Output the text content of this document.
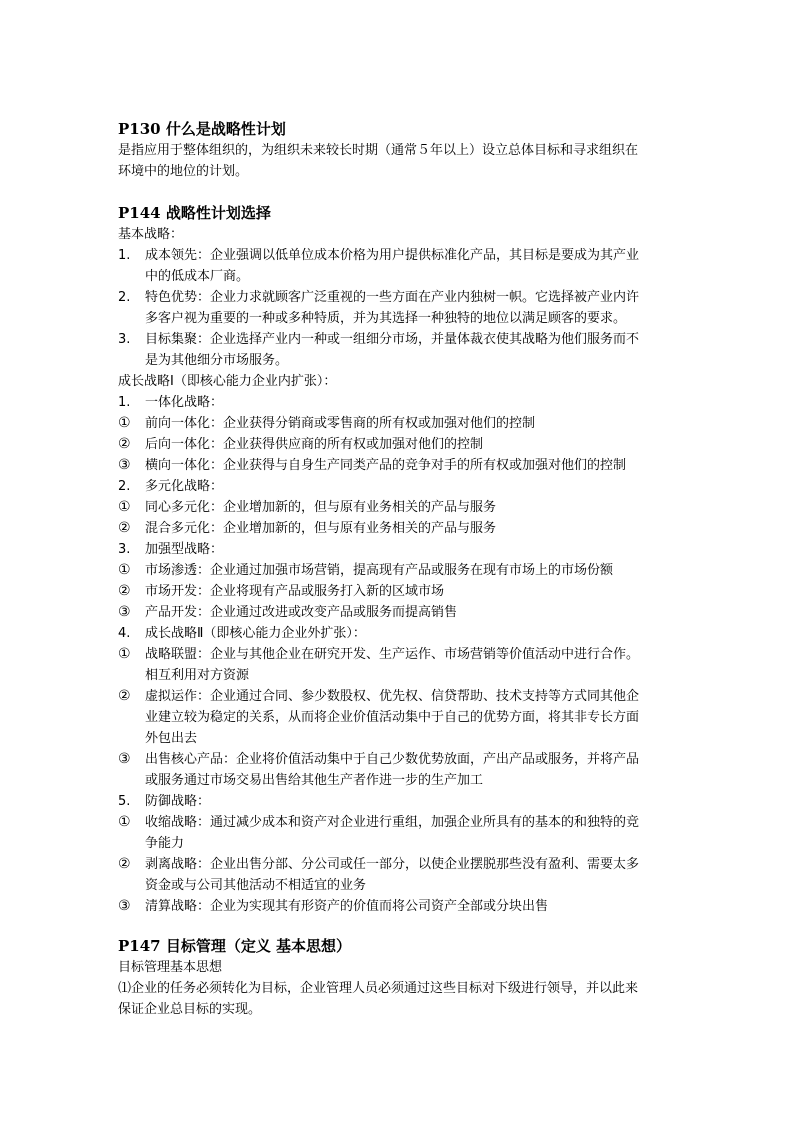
P130 什么是战略性计划
是指应用于整体组织的，为组织未来较长时期（通常５年以上）设立总体目标和寻求组织在
环境中的地位的计划。
P144 战略性计划选择
基本战略：
1.	成本领先：企业强调以低单位成本价格为用户提供标准化产品，其目标是要成为其产业
中的低成本厂商。
2.	特色优势：企业力求就顾客广泛重视的一些方面在产业内独树一帜。它选择被产业内许
多客户视为重要的一种或多种特质，并为其选择一种独特的地位以满足顾客的要求。
3.	目标集聚：企业选择产业内一种或一组细分市场，并量体裁衣使其战略为他们服务而不
是为其他细分市场服务。
成长战略Ⅰ（即核心能力企业内扩张）：
1.	一体化战略：
①	前向一体化：企业获得分销商或零售商的所有权或加强对他们的控制
②	后向一体化：企业获得供应商的所有权或加强对他们的控制
③	横向一体化：企业获得与自身生产同类产品的竞争对手的所有权或加强对他们的控制
2.	多元化战略：
①	同心多元化：企业增加新的，但与原有业务相关的产品与服务
②	混合多元化：企业增加新的，但与原有业务相关的产品与服务
3.	加强型战略：
①	市场渗透：企业通过加强市场营销，提高现有产品或服务在现有市场上的市场份额
②	市场开发：企业将现有产品或服务打入新的区域市场
③	产品开发：企业通过改进或改变产品或服务而提高销售
4.	成长战略Ⅱ（即核心能力企业外扩张）：
①	战略联盟：企业与其他企业在研究开发、生产运作、市场营销等价值活动中进行合作。
相互利用对方资源
②	虚拟运作：企业通过合同、参少数股权、优先权、信贷帮助、技术支持等方式同其他企
业建立较为稳定的关系，从而将企业价值活动集中于自己的优势方面，将其非专长方面
外包出去
③	出售核心产品：企业将价值活动集中于自己少数优势放面，产出产品或服务，并将产品
或服务通过市场交易出售给其他生产者作进一步的生产加工
5.	防御战略：
①	收缩战略：通过减少成本和资产对企业进行重组，加强企业所具有的基本的和独特的竞
争能力
②	剥离战略：企业出售分部、分公司或任一部分，以使企业摆脱那些没有盈利、需要太多
资金或与公司其他活动不相适宜的业务
③	清算战略：企业为实现其有形资产的价值而将公司资产全部或分块出售
P147 目标管理（定义 基本思想）
目标管理基本思想
⑴企业的任务必须转化为目标，企业管理人员必须通过这些目标对下级进行领导，并以此来
保证企业总目标的实现。
